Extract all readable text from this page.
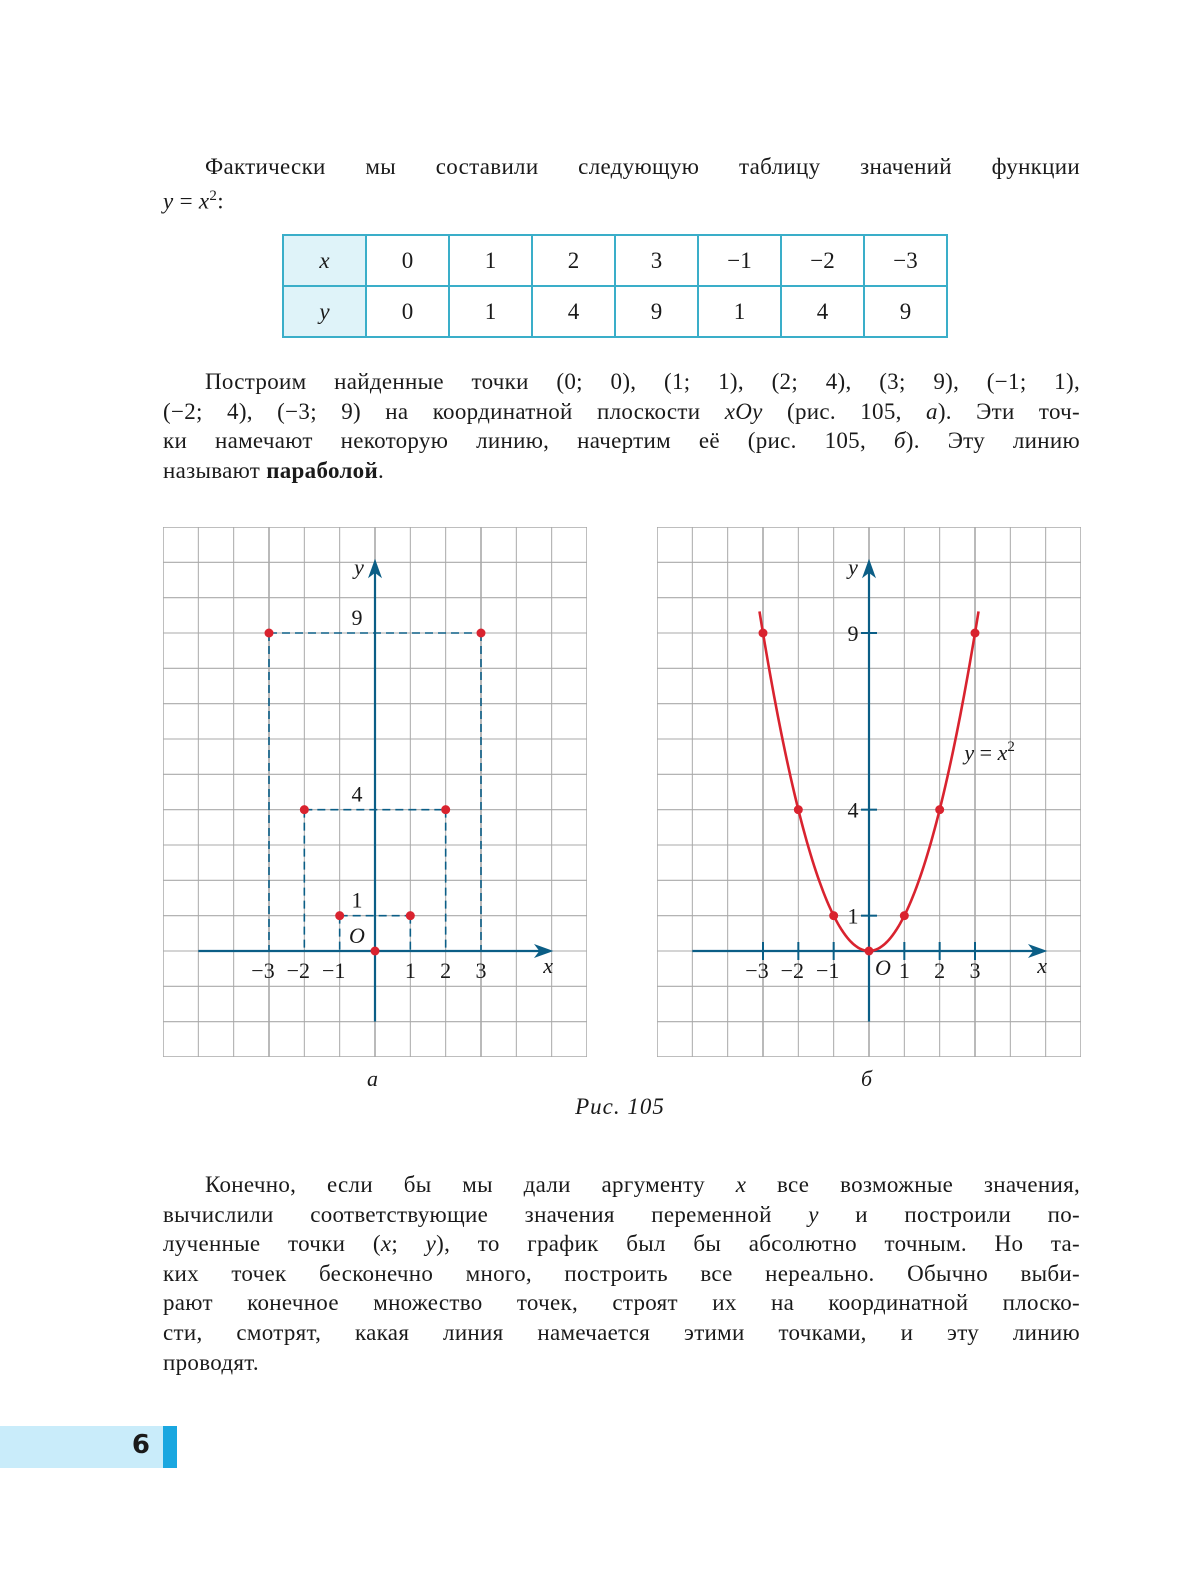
Фактически мы составили следующую таблицу значений функции
$y = x^2$:
x	0	1	2	3	−1	−2	−3
y	0	1	4	9	1	4	9
Построим найденные точки (0; 0), (1; 1), (2; 4), (3; 9), (−1; 1),
(−2; 4), (−3; 9) на координатной плоскости xOy (рис. 105, а). Эти точ-
ки намечают некоторую линию, начертим её (рис. 105, б). Эту линию
называют параболой.
x
y
−3 −2 −1	1 2 3
1
4
9
O
x
y
−3 −2 −1	1 2 3
1
4
9
O
$y = x^2$
а	б
Рис. 105
Конечно, если бы мы дали аргументу x все возможные значения,
вычислили соответствующие значения переменной y и построили по-
лученные точки (x; y), то график был бы абсолютно точным. Но та-
ких точек бесконечно много, построить все нереально. Обычно выби-
рают конечное множество точек, строят их на координатной плоско-
сти, смотрят, какая линия намечается этими точками, и эту линию
проводят.
6
